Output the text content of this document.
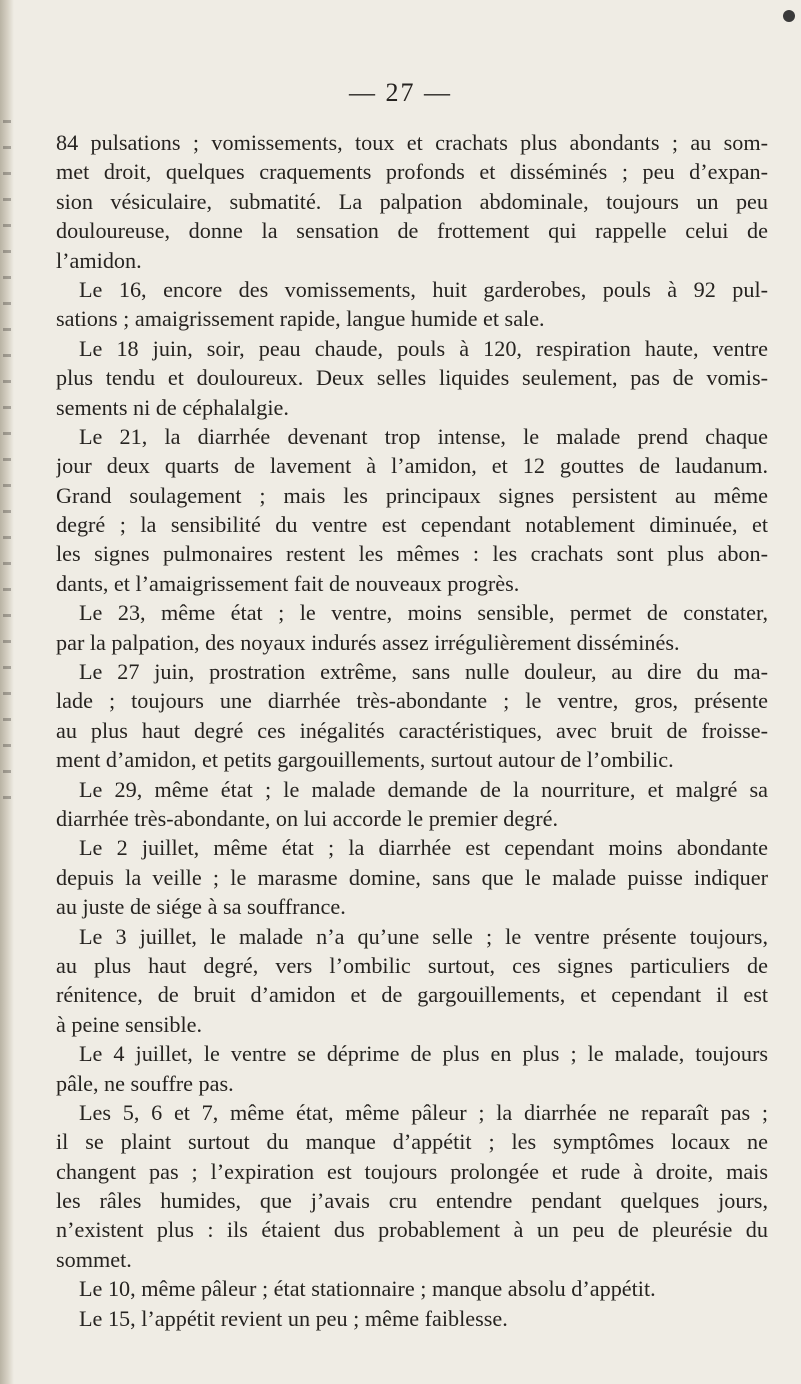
— 27 —
84 pulsations ; vomissements, toux et crachats plus abondants ; au som-
met droit, quelques craquements profonds et disséminés ; peu d’expan-
sion vésiculaire, submatité. La palpation abdominale, toujours un peu
douloureuse, donne la sensation de frottement qui rappelle celui de
l’amidon.
Le 16, encore des vomissements, huit garderobes, pouls à 92 pul-
sations ; amaigrissement rapide, langue humide et sale.
Le 18 juin, soir, peau chaude, pouls à 120, respiration haute, ventre
plus tendu et douloureux. Deux selles liquides seulement, pas de vomis-
sements ni de céphalalgie.
Le 21, la diarrhée devenant trop intense, le malade prend chaque
jour deux quarts de lavement à l’amidon, et 12 gouttes de laudanum.
Grand soulagement ; mais les principaux signes persistent au même
degré ; la sensibilité du ventre est cependant notablement diminuée, et
les signes pulmonaires restent les mêmes : les crachats sont plus abon-
dants, et l’amaigrissement fait de nouveaux progrès.
Le 23, même état ; le ventre, moins sensible, permet de constater,
par la palpation, des noyaux indurés assez irrégulièrement disséminés.
Le 27 juin, prostration extrême, sans nulle douleur, au dire du ma-
lade ; toujours une diarrhée très-abondante ; le ventre, gros, présente
au plus haut degré ces inégalités caractéristiques, avec bruit de froisse-
ment d’amidon, et petits gargouillements, surtout autour de l’ombilic.
Le 29, même état ; le malade demande de la nourriture, et malgré sa
diarrhée très-abondante, on lui accorde le premier degré.
Le 2 juillet, même état ; la diarrhée est cependant moins abondante
depuis la veille ; le marasme domine, sans que le malade puisse indiquer
au juste de siége à sa souffrance.
Le 3 juillet, le malade n’a qu’une selle ; le ventre présente toujours,
au plus haut degré, vers l’ombilic surtout, ces signes particuliers de
rénitence, de bruit d’amidon et de gargouillements, et cependant il est
à peine sensible.
Le 4 juillet, le ventre se déprime de plus en plus ; le malade, toujours
pâle, ne souffre pas.
Les 5, 6 et 7, même état, même pâleur ; la diarrhée ne reparaît pas ;
il se plaint surtout du manque d’appétit ; les symptômes locaux ne
changent pas ; l’expiration est toujours prolongée et rude à droite, mais
les râles humides, que j’avais cru entendre pendant quelques jours,
n’existent plus : ils étaient dus probablement à un peu de pleurésie du
sommet.
Le 10, même pâleur ; état stationnaire ; manque absolu d’appétit.
Le 15, l’appétit revient un peu ; même faiblesse.
